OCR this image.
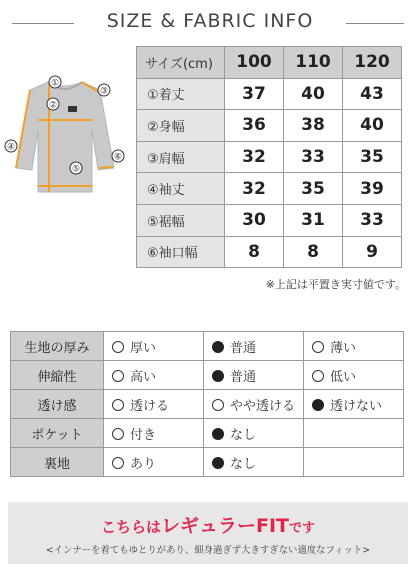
SIZE & FABRIC INFO
①
②
③
④
⑤
⑥
サイズ(cm)	100	110	120
①着丈	37	40	43
②身幅	36	38	40
③肩幅	32	33	35
④袖丈	32	35	39
⑤裾幅	30	31	33
⑥袖口幅	8	8	9
※上記は平置き実寸値です。
生地の厚み	厚い	普通	薄い
伸縮性	高い	普通	低い
透け感	透ける	やや透ける	透けない
ポケット	付き	なし	
裏地	あり	なし	
こちらはレギュラーFITです
<インナーを着てもゆとりがあり、細身過ぎず大きすぎない適度なフィット>
